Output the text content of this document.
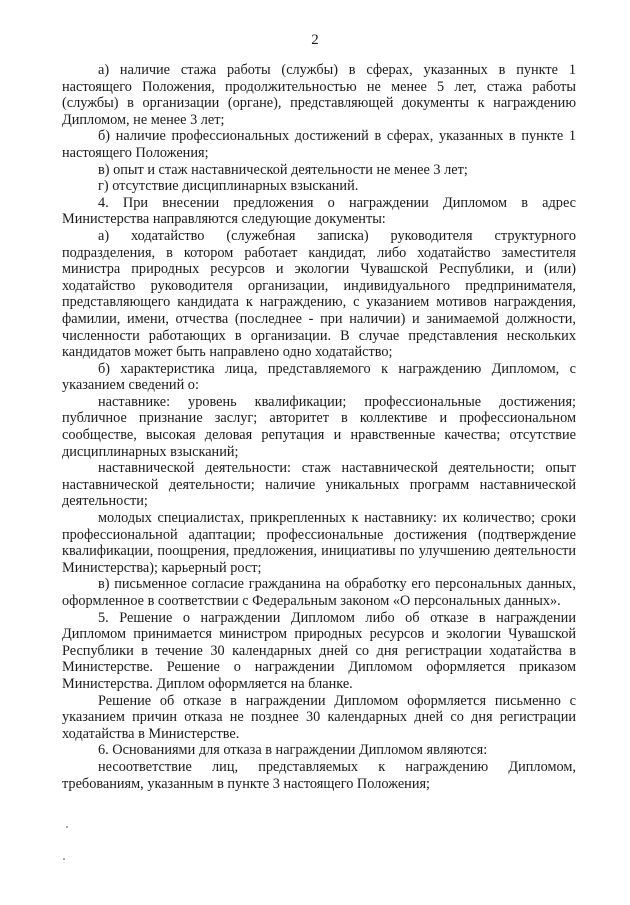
2

а) наличие стажа работы (службы) в сферах, указанных в пункте 1 настоящего Положения, продолжительностью не менее 5 лет, стажа работы (службы) в организации (органе), представляющей документы к награждению Дипломом, не менее 3 лет;

б) наличие профессиональных достижений в сферах, указанных в пункте 1 настоящего Положения;

в) опыт и стаж наставнической деятельности не менее 3 лет;

г) отсутствие дисциплинарных взысканий.

4. При внесении предложения о награждении Дипломом в адрес Министерства направляются следующие документы:

а) ходатайство (служебная записка) руководителя структурного подразделения, в котором работает кандидат, либо ходатайство заместителя министра природных ресурсов и экологии Чувашской Республики, и (или) ходатайство руководителя организации, индивидуального предпринимателя, представляющего кандидата к награждению, с указанием мотивов награждения, фамилии, имени, отчества (последнее - при наличии) и занимаемой должности, численности работающих в организации. В случае представления нескольких кандидатов может быть направлено одно ходатайство;

б) характеристика лица, представляемого к награждению Дипломом, с указанием сведений о:

наставнике: уровень квалификации; профессиональные достижения; публичное признание заслуг; авторитет в коллективе и профессиональном сообществе, высокая деловая репутация и нравственные качества; отсутствие дисциплинарных взысканий;

наставнической деятельности: стаж наставнической деятельности; опыт наставнической деятельности; наличие уникальных программ наставнической деятельности;

молодых специалистах, прикрепленных к наставнику: их количество; сроки профессиональной адаптации; профессиональные достижения (подтверждение квалификации, поощрения, предложения, инициативы по улучшению деятельности Министерства); карьерный рост;

в) письменное согласие гражданина на обработку его персональных данных, оформленное в соответствии с Федеральным законом «О персональных данных».

5. Решение о награждении Дипломом либо об отказе в награждении Дипломом принимается министром природных ресурсов и экологии Чувашской Республики в течение 30 календарных дней со дня регистрации ходатайства в Министерстве. Решение о награждении Дипломом оформляется приказом Министерства. Диплом оформляется на бланке.

Решение об отказе в награждении Дипломом оформляется письменно с указанием причин отказа не позднее 30 календарных дней со дня регистрации ходатайства в Министерстве.

6. Основаниями для отказа в награждении Дипломом являются:

несоответствие лиц, представляемых к награждению Дипломом, требованиям, указанным в пункте 3 настоящего Положения;
